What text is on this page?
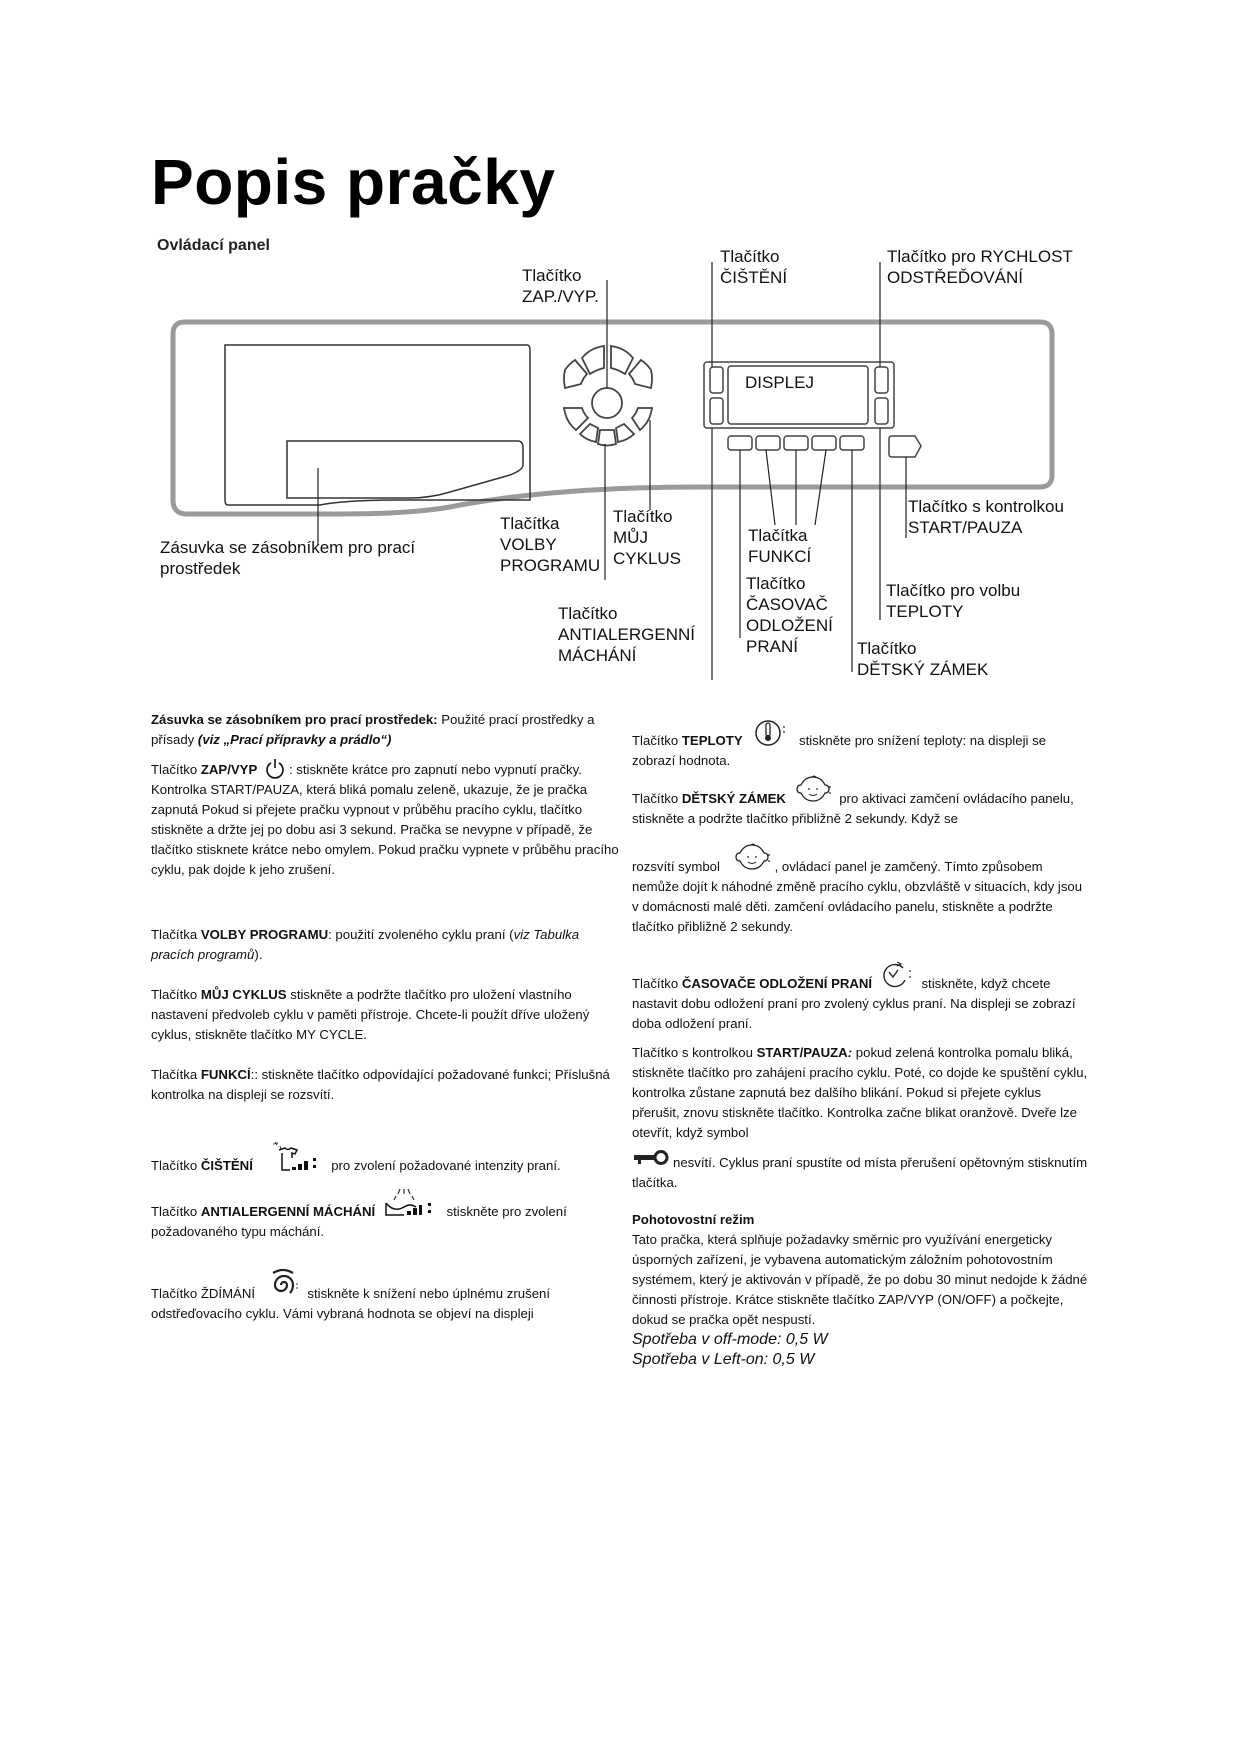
Popis pračky
Ovládací panel
DISPLEJ
Tlačítko
ZAP./VYP.
Tlačítko
ČIŠTĚNÍ
Tlačítko pro RYCHLOST
ODSTŘEĎOVÁNÍ
Tlačítko s kontrolkou
START/PAUZA
Zásuvka se zásobníkem pro prací
prostředek
Tlačítka
VOLBY
PROGRAMU
Tlačítko
MŮJ
CYKLUS
Tlačítka
FUNKCÍ
Tlačítko
ČASOVAČ
ODLOŽENÍ
PRANÍ
Tlačítko pro volbu
TEPLOTY
Tlačítko
ANTIALERGENNÍ
MÁCHÁNÍ	Tlačítko
DĚTSKÝ ZÁMEK

Zásuvka se zásobníkem pro prací prostředek: Použité prací prostředky a přísady (viz „Prací přípravky a prádlo“)

Tlačítko ZAP/VYP : stiskněte krátce pro zapnutí nebo vypnutí pračky. Kontrolka START/PAUZA, která bliká pomalu zeleně, ukazuje, že je pračka zapnutá Pokud si přejete pračku vypnout v průběhu pracího cyklu, tlačítko stiskněte a držte jej po dobu asi 3 sekund. Pračka se nevypne v případě, že tlačítko stisknete krátce nebo omylem. Pokud pračku vypnete v průběhu pracího cyklu, pak dojde k jeho zrušení.

Tlačítka VOLBY PROGRAMU: použití zvoleného cyklu praní (viz Tabulka pracích programů).

Tlačítko MŮJ CYKLUS stiskněte a podržte tlačítko pro uložení vlastního nastavení předvoleb cyklu v paměti přístroje. Chcete-li použít dříve uložený cyklus, stiskněte tlačítko MY CYCLE.

Tlačítka FUNKCÍ:: stiskněte tlačítko odpovídající požadované funkci; Příslušná kontrolka na displeji se rozsvítí.

Tlačítko ČIŠTĚNÍ	pro zvolení požadované intenzity praní.

Tlačítko ANTIALERGENNÍ MÁCHÁNÍ	stiskněte pro zvolení požadovaného typu máchání.

Tlačítko ŽDÍMÁNÍ	stiskněte k snížení nebo úplnému zrušení odstřeďovacího cyklu. Vámi vybraná hodnota se objeví na displeji

Tlačítko TEPLOTY	stiskněte pro snížení teploty: na displeji se zobrazí hodnota.

Tlačítko DĚTSKÝ ZÁMEK	pro aktivaci zamčení ovládacího panelu, stiskněte a podržte tlačítko přibližně 2 sekundy. Když se

rozsvítí symbol	, ovládací panel je zamčený. Tímto způsobem nemůže dojít k náhodné změně pracího cyklu, obzvláště v situacích, kdy jsou v domácnosti malé děti. zamčení ovládacího panelu, stiskněte a podržte tlačítko přibližně 2 sekundy.

Tlačítko ČASOVAČE ODLOŽENÍ PRANÍ	stiskněte, když chcete nastavit dobu odložení praní pro zvolený cyklus praní. Na displeji se zobrazí doba odložení praní.

Tlačítko s kontrolkou START/PAUZA: pokud zelená kontrolka pomalu bliká, stiskněte tlačítko pro zahájení pracího cyklu. Poté, co dojde ke spuštění cyklu, kontrolka zůstane zapnutá bez dalšího blikání. Pokud si přejete cyklus přerušit, znovu stiskněte tlačítko. Kontrolka začne blikat oranžově. Dveře lze otevřít, když symbol

nesvítí. Cyklus praní spustíte od místa přerušení opětovným stisknutím tlačítka.

Pohotovostní režim

Tato pračka, která splňuje požadavky směrnic pro využívání energeticky úsporných zařízení, je vybavena automatickým záložním pohotovostním systémem, který je aktivován v případě, že po dobu 30 minut nedojde k žádné činnosti přístroje. Krátce stiskněte tlačítko ZAP/VYP (ON/OFF) a počkejte, dokud se pračka opět nespustí.

Spotřeba v off-mode: 0,5 W

Spotřeba v Left-on: 0,5 W
